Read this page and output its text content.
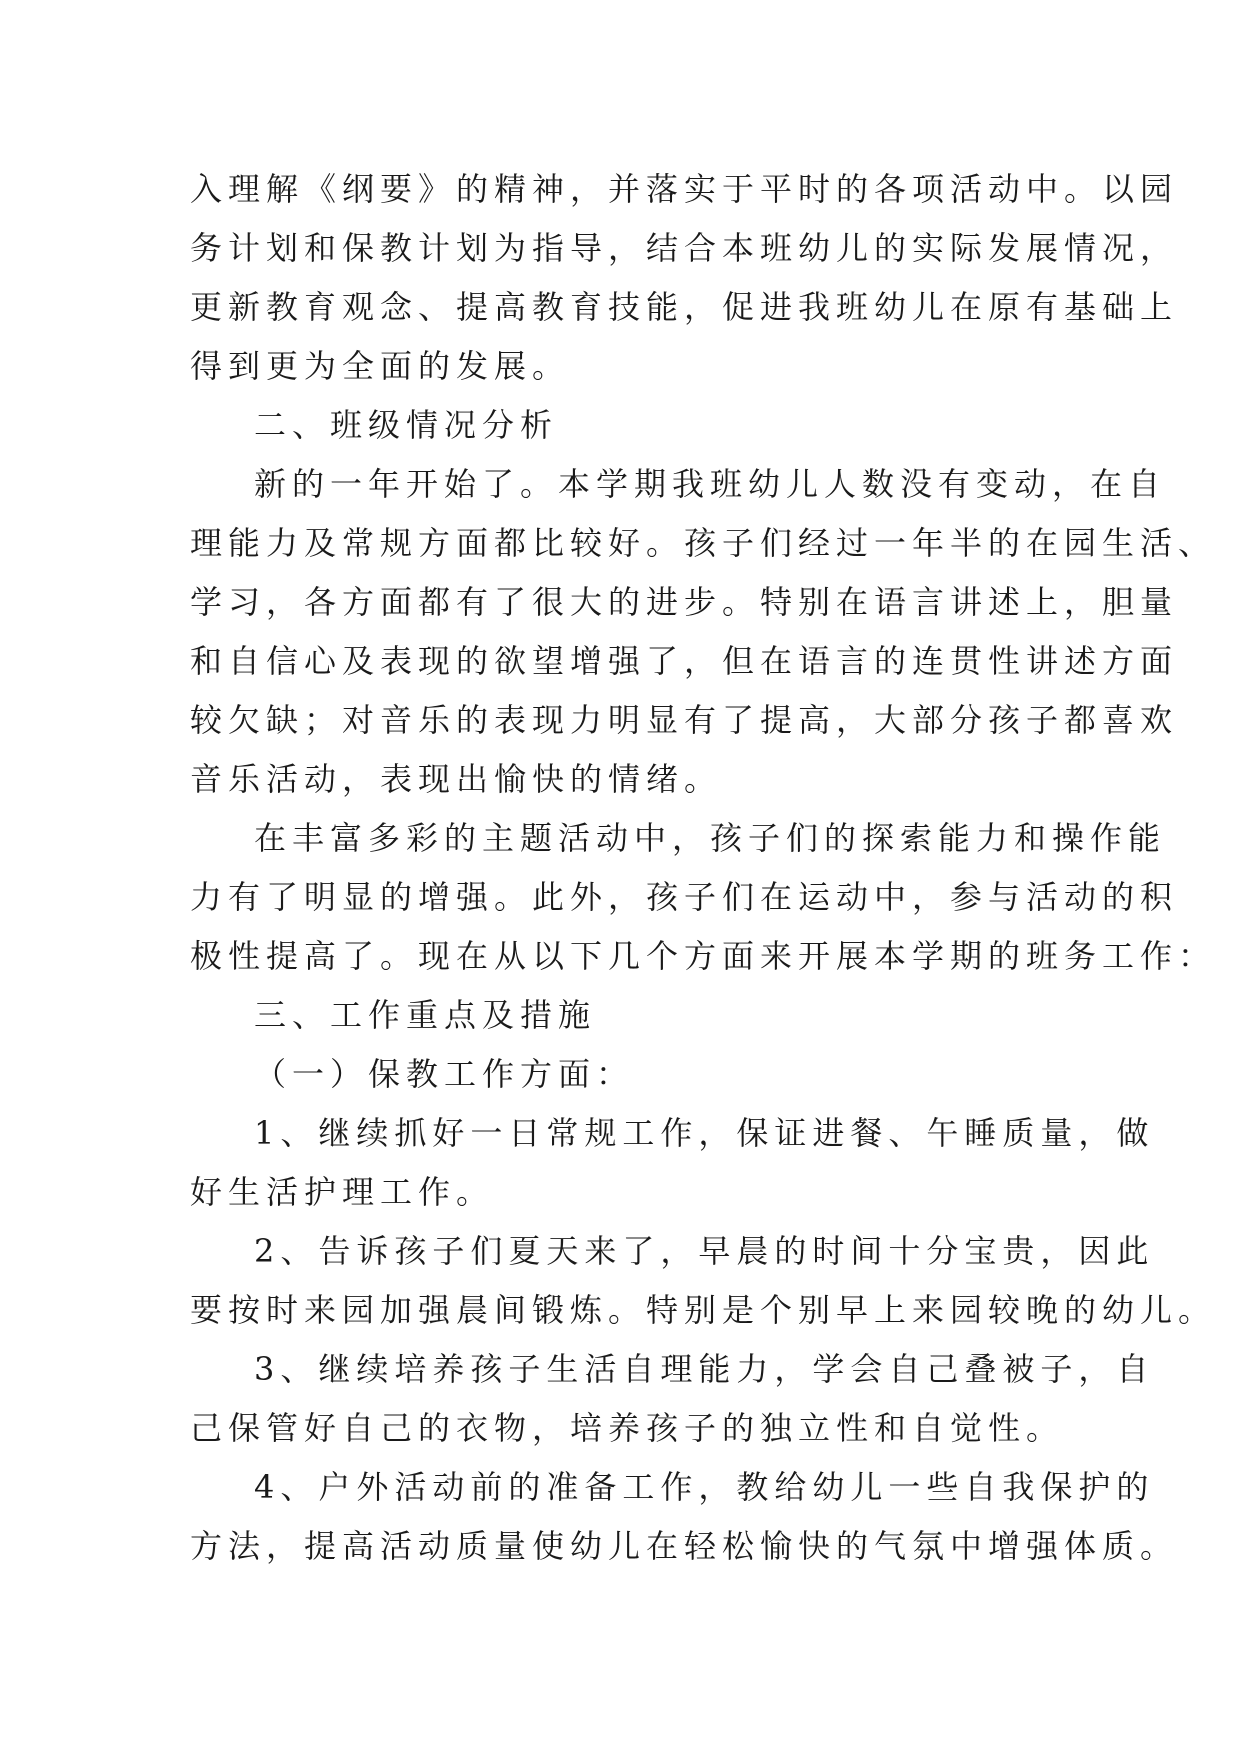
入理解《纲要》的精神，并落实于平时的各项活动中。以园
务计划和保教计划为指导，结合本班幼儿的实际发展情况，
更新教育观念、提高教育技能，促进我班幼儿在原有基础上
得到更为全面的发展。
二、班级情况分析
新的一年开始了。本学期我班幼儿人数没有变动，在自
理能力及常规方面都比较好。孩子们经过一年半的在园生活、
学习，各方面都有了很大的进步。特别在语言讲述上，胆量
和自信心及表现的欲望增强了，但在语言的连贯性讲述方面
较欠缺；对音乐的表现力明显有了提高，大部分孩子都喜欢
音乐活动，表现出愉快的情绪。
在丰富多彩的主题活动中，孩子们的探索能力和操作能
力有了明显的增强。此外，孩子们在运动中，参与活动的积
极性提高了。现在从以下几个方面来开展本学期的班务工作：
三、工作重点及措施
（一）保教工作方面：
1、继续抓好一日常规工作，保证进餐、午睡质量，做
好生活护理工作。
2、告诉孩子们夏天来了，早晨的时间十分宝贵，因此
要按时来园加强晨间锻炼。特别是个别早上来园较晚的幼儿。
3、继续培养孩子生活自理能力，学会自己叠被子，自
己保管好自己的衣物，培养孩子的独立性和自觉性。
4、户外活动前的准备工作，教给幼儿一些自我保护的
方法，提高活动质量使幼儿在轻松愉快的气氛中增强体质。
